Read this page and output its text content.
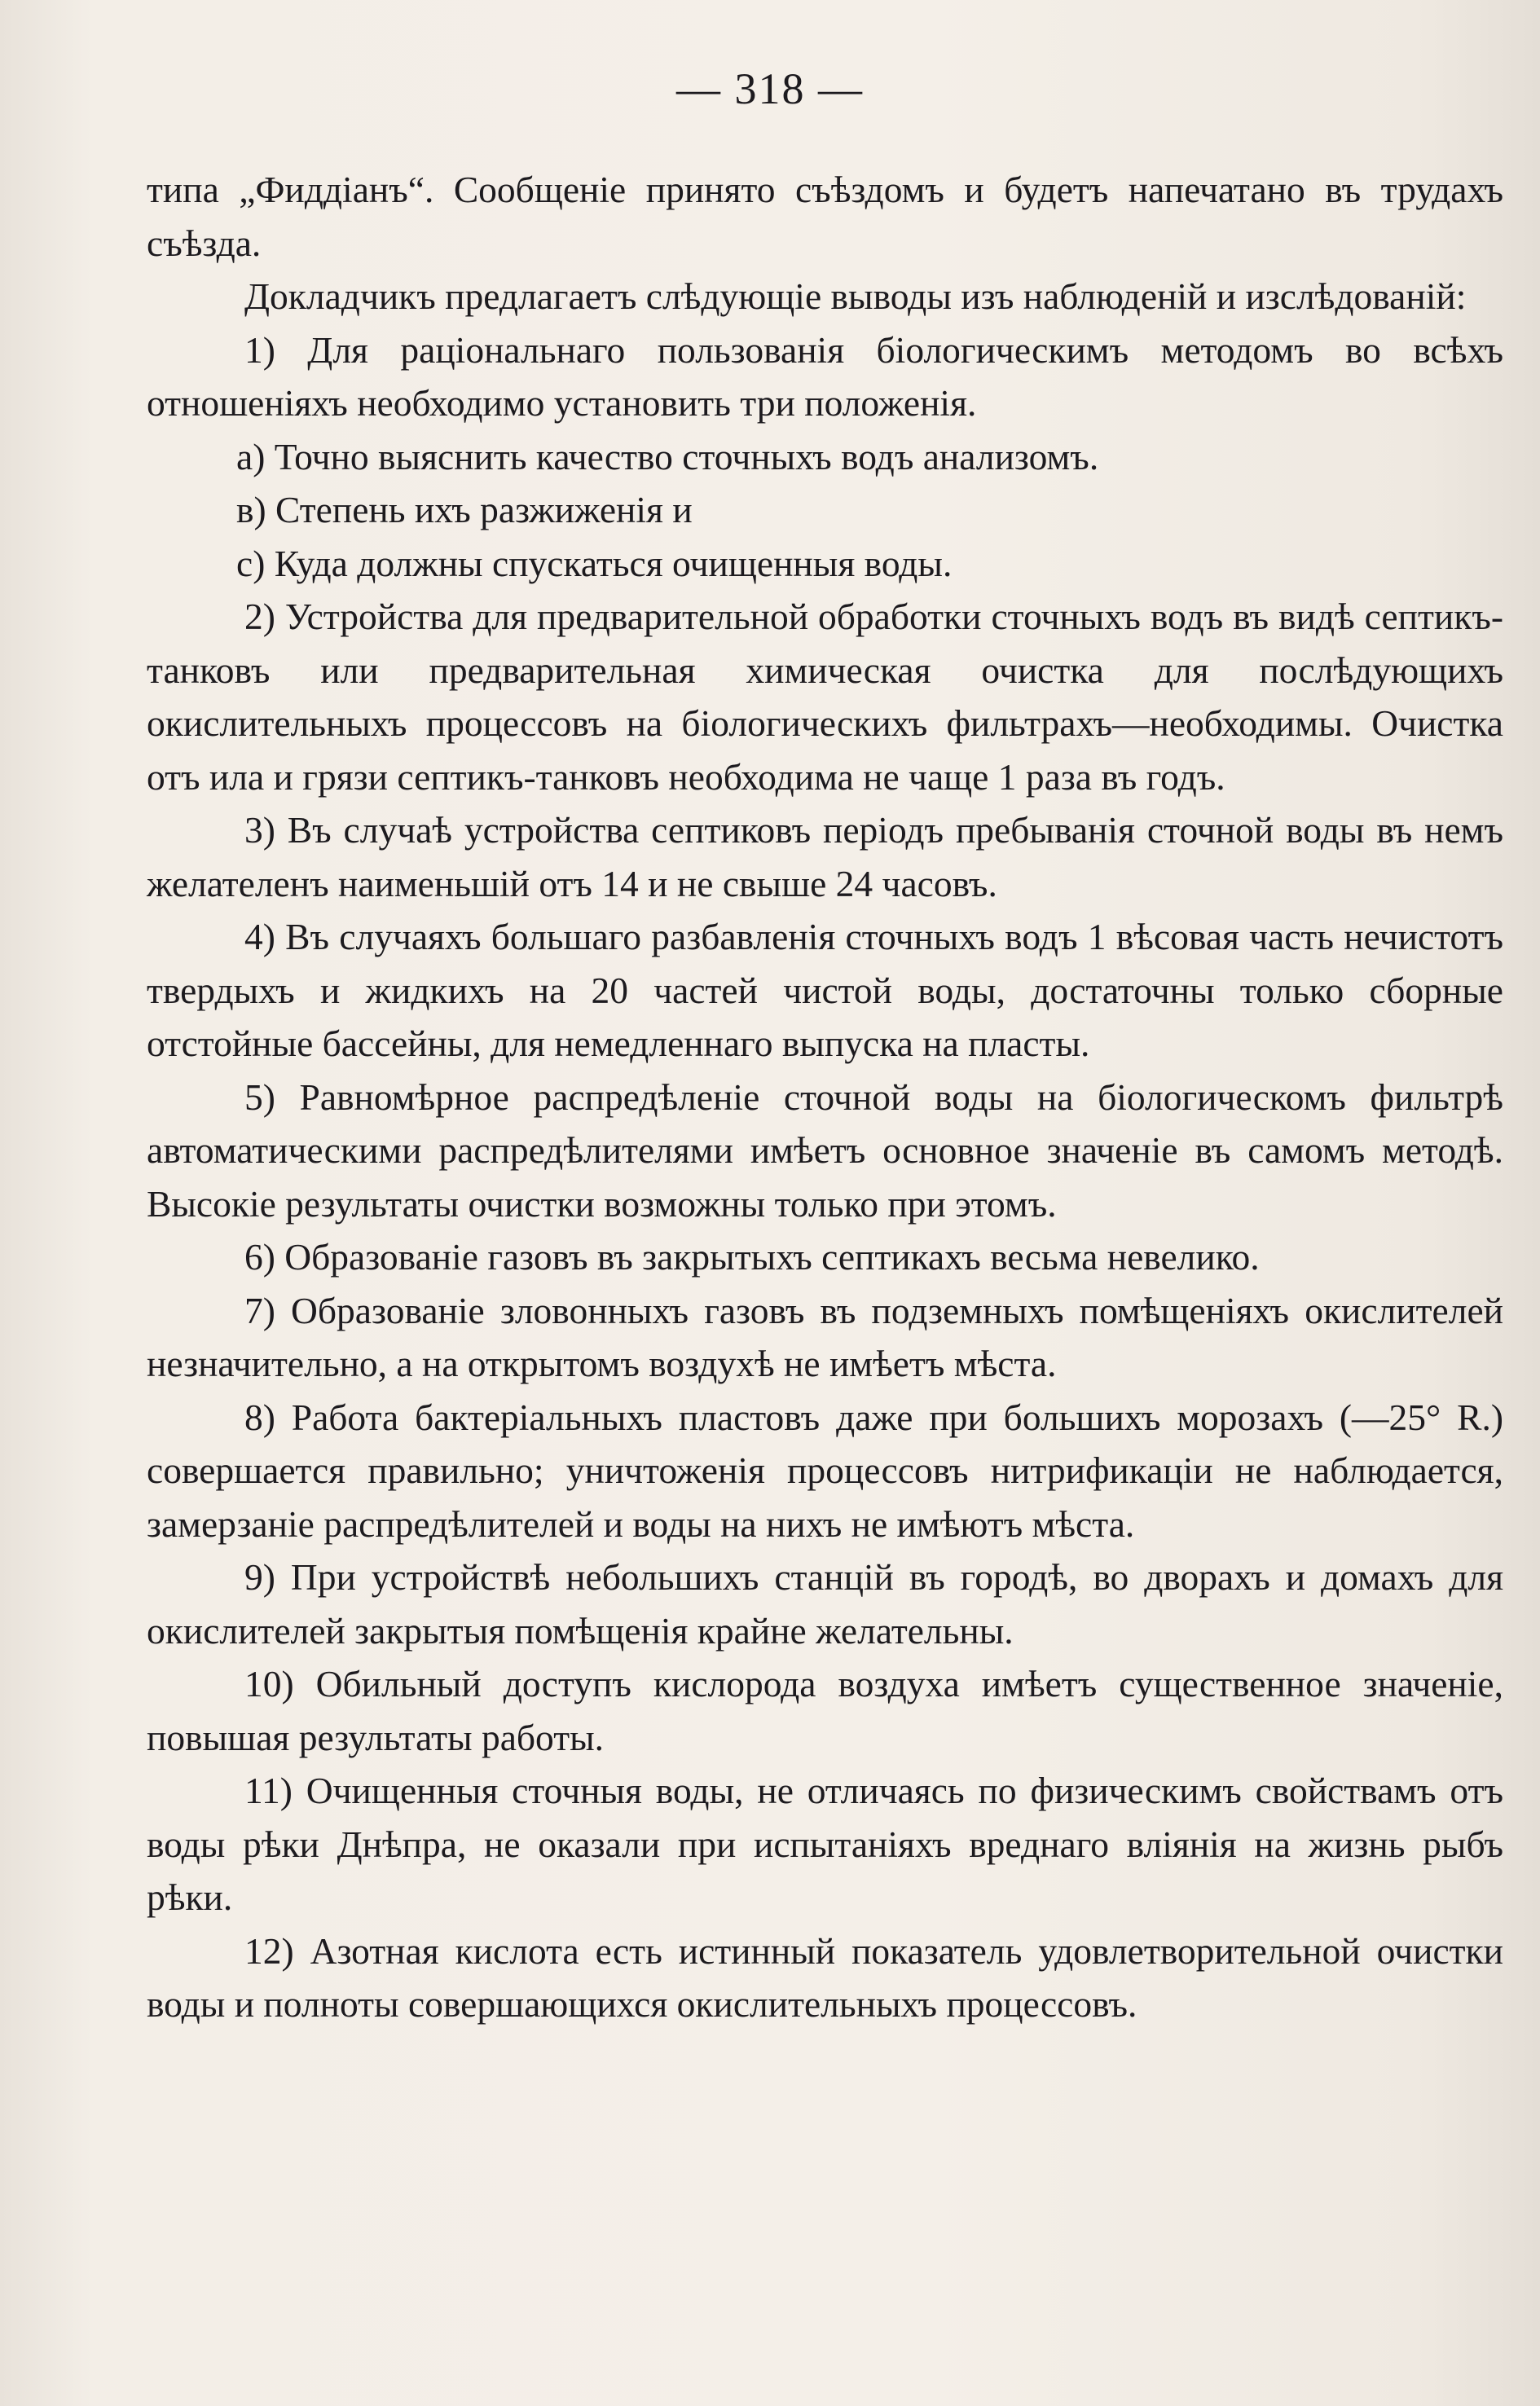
— 318 —

типа „Фиддіанъ“. Сообщеніе принято съѣздомъ и будетъ напечатано въ трудахъ съѣзда.

Докладчикъ предлагаетъ слѣдующіе выводы изъ наблюденій и изслѣдованій:

1) Для раціональнаго пользованія біологическимъ методомъ во всѣхъ отношеніяхъ необходимо установить три положенія.

а) Точно выяснить качество сточныхъ водъ анализомъ.

в) Степень ихъ разжиженія и

с) Куда должны спускаться очищенныя воды.

2) Устройства для предварительной обработки сточныхъ водъ въ видѣ септикъ-танковъ или предварительная химическая очистка для послѣдующихъ окислительныхъ процессовъ на біологическихъ фильтрахъ—необходимы. Очистка отъ ила и грязи септикъ-танковъ необходима не чаще 1 раза въ годъ.

3) Въ случаѣ устройства септиковъ періодъ пребыванія сточной воды въ немъ желателенъ наименьшій отъ 14 и не свыше 24 часовъ.

4) Въ случаяхъ большаго разбавленія сточныхъ водъ 1 вѣсовая часть нечистотъ твердыхъ и жидкихъ на 20 частей чистой воды, достаточны только сборные отстойные бассейны, для немедленнаго выпуска на пласты.

5) Равномѣрное распредѣленіе сточной воды на біологическомъ фильтрѣ автоматическими распредѣлителями имѣетъ основное значеніе въ самомъ методѣ. Высокіе результаты очистки возможны только при этомъ.

6) Образованіе газовъ въ закрытыхъ септикахъ весьма невелико.

7) Образованіе зловонныхъ газовъ въ подземныхъ помѣщеніяхъ окислителей незначительно, а на открытомъ воздухѣ не имѣетъ мѣста.

8) Работа бактеріальныхъ пластовъ даже при большихъ морозахъ (—25° R.) совершается правильно; уничтоженія процессовъ нитрификаціи не наблюдается, замерзаніе распредѣлителей и воды на нихъ не имѣютъ мѣста.

9) При устройствѣ небольшихъ станцій въ городѣ, во дворахъ и домахъ для окислителей закрытыя помѣщенія крайне желательны.

10) Обильный доступъ кислорода воздуха имѣетъ существенное значеніе, повышая результаты работы.

11) Очищенныя сточныя воды, не отличаясь по физическимъ свойствамъ отъ воды рѣки Днѣпра, не оказали при испытаніяхъ вреднаго вліянія на жизнь рыбъ рѣки.

12) Азотная кислота есть истинный показатель удовлетворительной очистки воды и полноты совершающихся окислительныхъ процессовъ.
